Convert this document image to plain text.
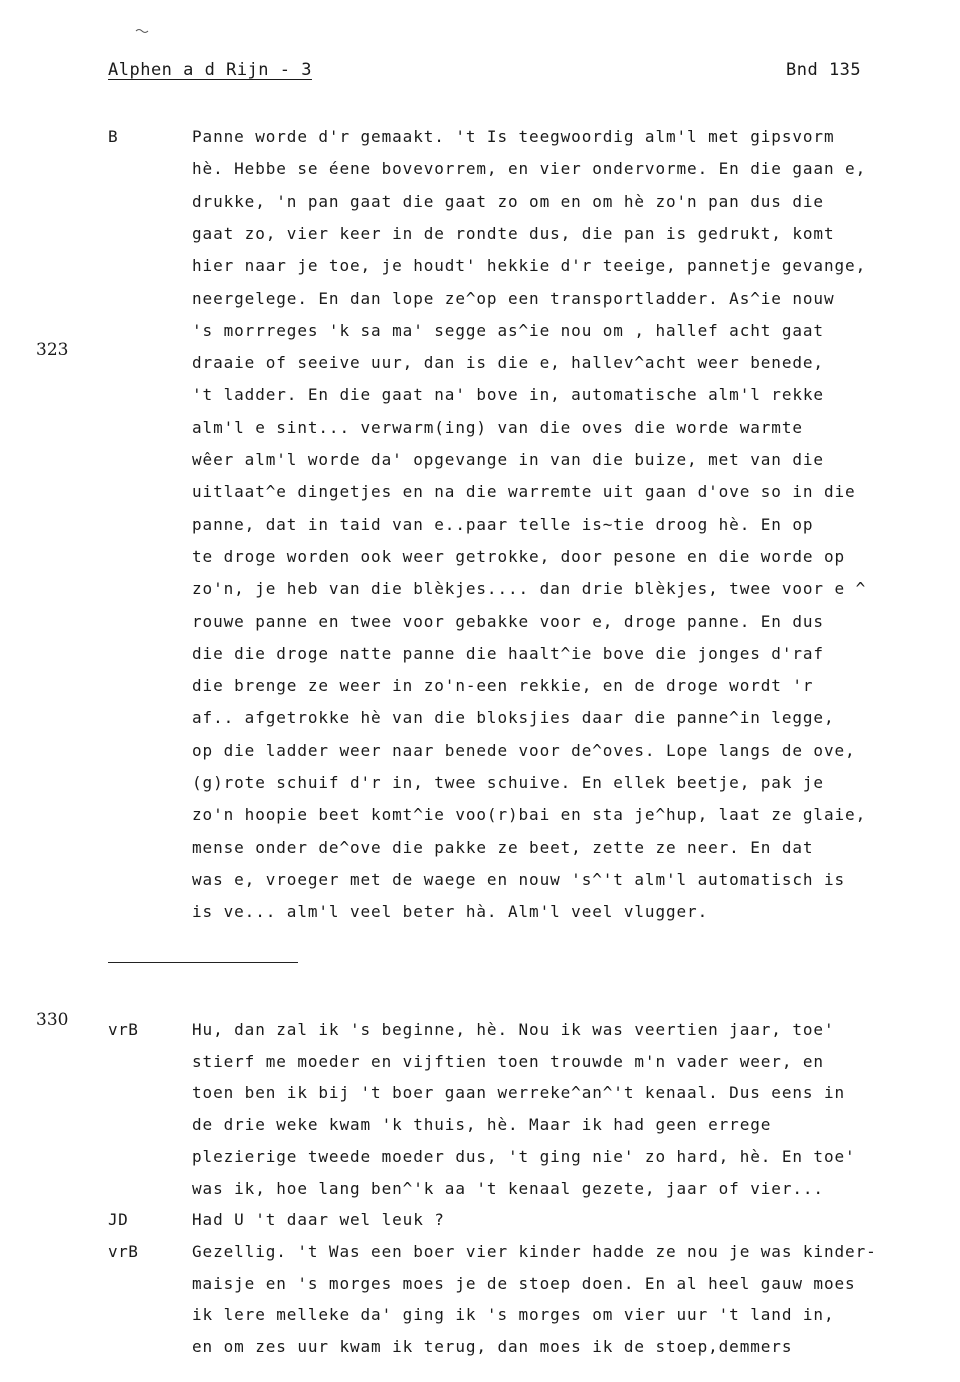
Alphen a d Rijn - 3	Bnd 135
B
323
Panne worde d'r gemaakt. 't Is teegwoordig alm'l met gipsvorm
hè. Hebbe se éene bovevorrem, en vier ondervorme. En die gaan e,
drukke, 'n pan gaat die gaat zo om en om hè zo'n pan dus die
gaat zo, vier keer in de rondte dus, die pan is gedrukt, komt
hier naar je toe, je houdt' hekkie d'r teeige, pannetje gevange,
neergelege. En dan lope ze^op een transportladder. As^ie nouw
's morrreges 'k sa ma' segge as^ie nou om , hallef acht gaat
draaie of seeive uur, dan is die e, hallev^acht weer benede,
't ladder. En die gaat na' bove in, automatische alm'l rekke
alm'l e sint... verwarm(ing) van die oves die worde warmte
wêer alm'l worde da' opgevange in van die buize, met van die
uitlaat^e dingetjes en na die warremte uit gaan d'ove so in die
panne, dat in taid van e..paar telle is~tie droog hè. En op
te droge worden ook weer getrokke, door pesone en die worde op
zo'n, je heb van die blèkjes.... dan drie blèkjes, twee voor e ^
rouwe panne en twee voor gebakke voor e, droge panne. En dus
die die droge natte panne die haalt^ie bove die jonges d'raf
die brenge ze weer in zo'n-een rekkie, en de droge wordt 'r
af.. afgetrokke hè van die bloksjies daar die panne^in legge,
op die ladder weer naar benede voor de^oves. Lope langs de ove,
(g)rote schuif d'r in, twee schuive. En ellek beetje, pak je
zo'n hoopie beet komt^ie voo(r)bai en sta je^hup, laat ze glaie,
mense onder de^ove die pakke ze beet, zette ze neer. En dat
was e, vroeger met de waege en nouw 's^'t alm'l automatisch is
is ve... alm'l veel beter hà. Alm'l veel vlugger.
330 vrB	Hu, dan zal ik 's beginne, hè. Nou ik was veertien jaar, toe'
stierf me moeder en vijftien toen trouwde m'n vader weer, en
toen ben ik bij 't boer gaan werreke^an^'t kenaal. Dus eens in
de drie weke kwam 'k thuis, hè. Maar ik had geen errege
plezierige tweede moeder dus, 't ging nie' zo hard, hè. En toe'
was ik, hoe lang ben^'k aa 't kenaal gezete, jaar of vier...
JD	Had U 't daar wel leuk ?
vrB	Gezellig. 't Was een boer vier kinder hadde ze nou je was kinder-
maisje en 's morges moes je de stoep doen. En al heel gauw moes
ik lere mellеke da' ging ik 's morges om vier uur 't land in,
en om zes uur kwam ik terug, dan moes ik de stoep,demmers
